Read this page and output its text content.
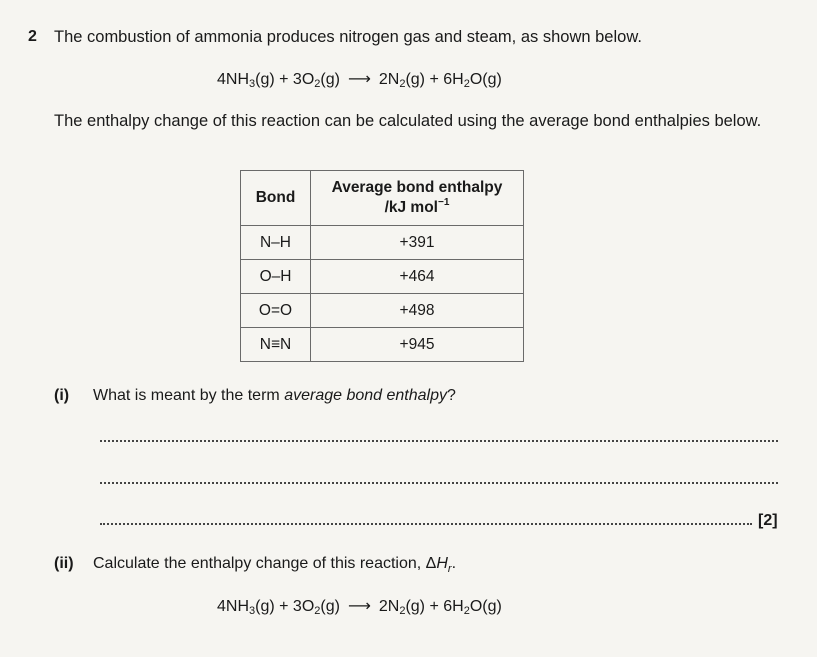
2 The combustion of ammonia produces nitrogen gas and steam, as shown below.
$4NH_3(g) + 3O_2(g)$ ⟶ $2N_2(g) + 6H_2O(g)$
The enthalpy change of this reaction can be calculated using the average bond enthalpies below.
Bond	Average bond enthalpy
/kJ mol$^{-1}$

N–H	+391
O–H	+464
O=O	+498
N≡N	+945
(i) What is meant by the term average bond enthalpy?
[2]
(ii) Calculate the enthalpy change of this reaction, $\Delta H_r$.
$4NH_3(g) + 3O_2(g)$ ⟶ $2N_2(g) + 6H_2O(g)$
